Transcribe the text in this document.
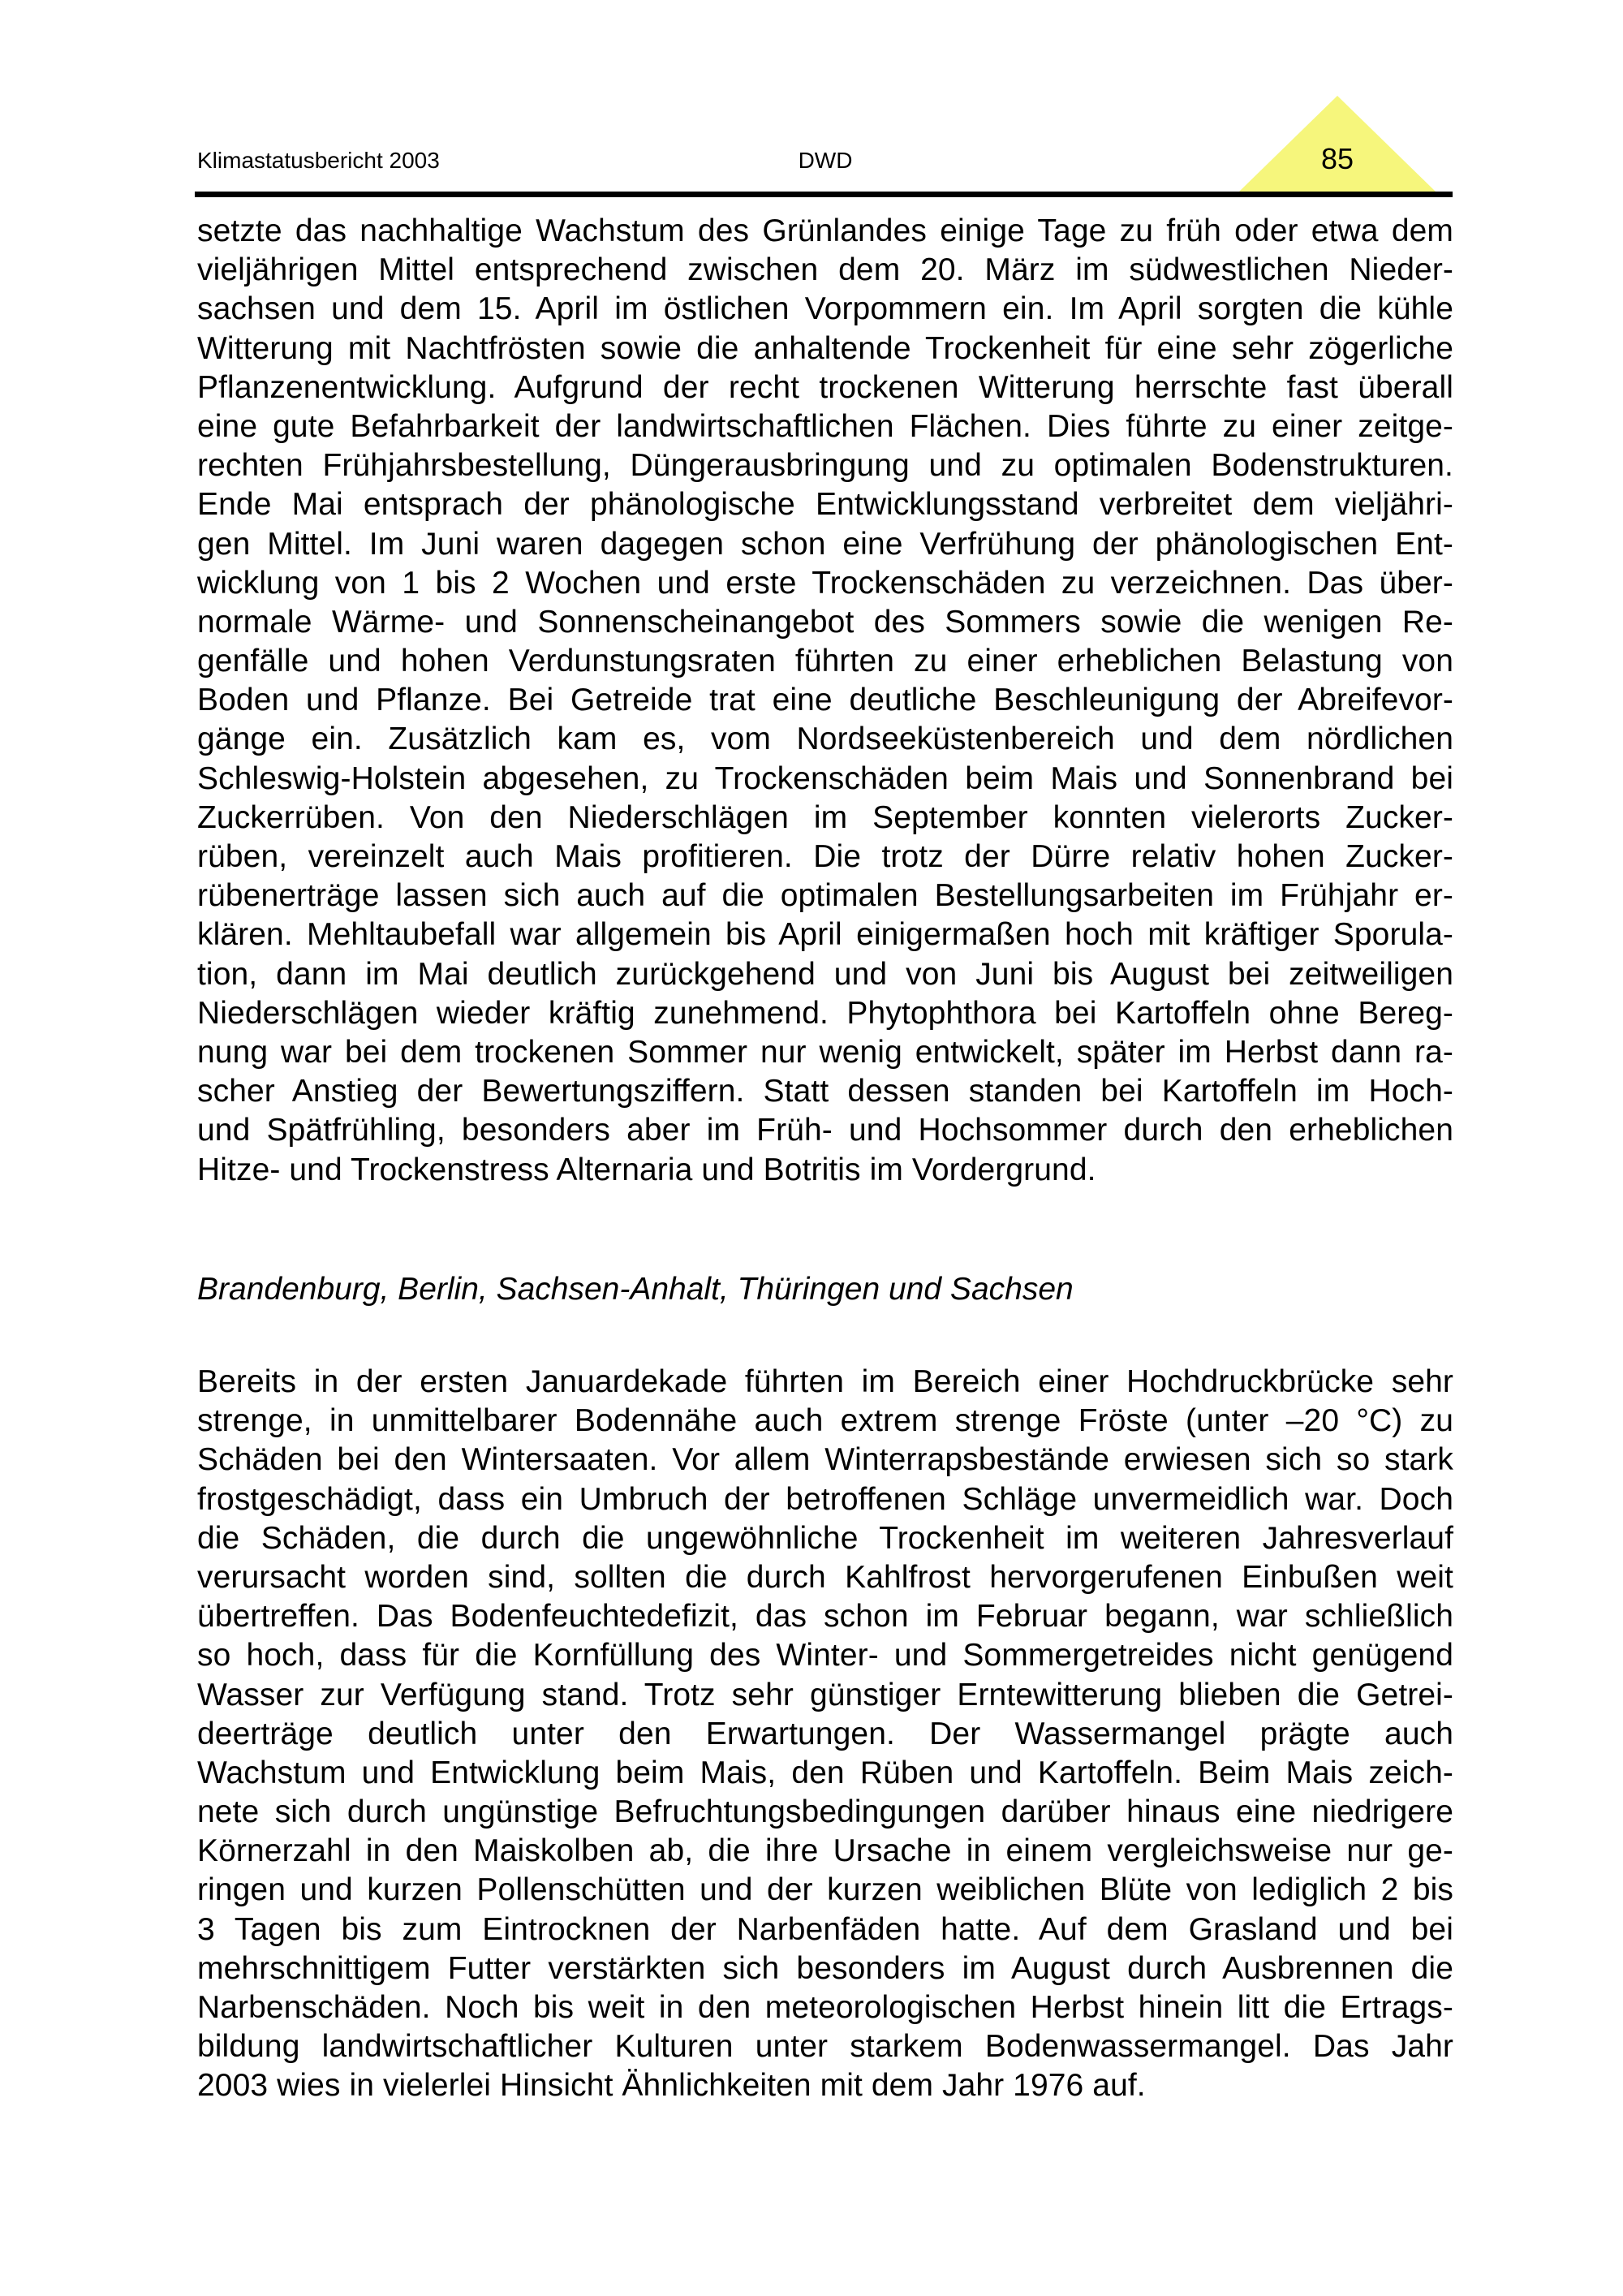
Klimastatusbericht 2003	DWD	85
setzte das nachhaltige Wachstum des Grünlandes einige Tage zu früh oder etwa dem
vieljährigen Mittel entsprechend zwischen dem 20. März im südwestlichen Nieder-
sachsen und dem 15. April im östlichen Vorpommern ein. Im April sorgten die kühle
Witterung mit Nachtfrösten sowie die anhaltende Trockenheit für eine sehr zögerliche
Pflanzenentwicklung. Aufgrund der recht trockenen Witterung herrschte fast überall
eine gute Befahrbarkeit der landwirtschaftlichen Flächen. Dies führte zu einer zeitge-
rechten Frühjahrsbestellung, Düngerausbringung und zu optimalen Bodenstrukturen.
Ende Mai entsprach der phänologische Entwicklungsstand verbreitet dem vieljähri-
gen Mittel. Im Juni waren dagegen schon eine Verfrühung der phänologischen Ent-
wicklung von 1 bis 2 Wochen und erste Trockenschäden zu verzeichnen. Das über-
normale Wärme- und Sonnenscheinangebot des Sommers sowie die wenigen Re-
genfälle und hohen Verdunstungsraten führten zu einer erheblichen Belastung von
Boden und Pflanze. Bei Getreide trat eine deutliche Beschleunigung der Abreifevor-
gänge ein. Zusätzlich kam es, vom Nordseeküstenbereich und dem nördlichen
Schleswig-Holstein abgesehen, zu Trockenschäden beim Mais und Sonnenbrand bei
Zuckerrüben. Von den Niederschlägen im September konnten vielerorts Zucker-
rüben, vereinzelt auch Mais profitieren. Die trotz der Dürre relativ hohen Zucker-
rübenerträge lassen sich auch auf die optimalen Bestellungsarbeiten im Frühjahr er-
klären. Mehltaubefall war allgemein bis April einigermaßen hoch mit kräftiger Sporula-
tion, dann im Mai deutlich zurückgehend und von Juni bis August bei zeitweiligen
Niederschlägen wieder kräftig zunehmend. Phytophthora bei Kartoffeln ohne Bereg-
nung war bei dem trockenen Sommer nur wenig entwickelt, später im Herbst dann ra-
scher Anstieg der Bewertungsziffern. Statt dessen standen bei Kartoffeln im Hoch-
und Spätfrühling, besonders aber im Früh- und Hochsommer durch den erheblichen
Hitze- und Trockenstress Alternaria und Botritis im Vordergrund.
Brandenburg, Berlin, Sachsen-Anhalt, Thüringen und Sachsen
Bereits in der ersten Januardekade führten im Bereich einer Hochdruckbrücke sehr
strenge, in unmittelbarer Bodennähe auch extrem strenge Fröste (unter –20 °C) zu
Schäden bei den Wintersaaten. Vor allem Winterrapsbestände erwiesen sich so stark
frostgeschädigt, dass ein Umbruch der betroffenen Schläge unvermeidlich war. Doch
die Schäden, die durch die ungewöhnliche Trockenheit im weiteren Jahresverlauf
verursacht worden sind, sollten die durch Kahlfrost hervorgerufenen Einbußen weit
übertreffen. Das Bodenfeuchtedefizit, das schon im Februar begann, war schließlich
so hoch, dass für die Kornfüllung des Winter- und Sommergetreides nicht genügend
Wasser zur Verfügung stand. Trotz sehr günstiger Erntewitterung blieben die Getrei-
deerträge deutlich unter den Erwartungen. Der Wassermangel prägte auch
Wachstum und Entwicklung beim Mais, den Rüben und Kartoffeln. Beim Mais zeich-
nete sich durch ungünstige Befruchtungsbedingungen darüber hinaus eine niedrigere
Körnerzahl in den Maiskolben ab, die ihre Ursache in einem vergleichsweise nur ge-
ringen und kurzen Pollenschütten und der kurzen weiblichen Blüte von lediglich 2 bis
3 Tagen bis zum Eintrocknen der Narbenfäden hatte. Auf dem Grasland und bei
mehrschnittigem Futter verstärkten sich besonders im August durch Ausbrennen die
Narbenschäden. Noch bis weit in den meteorologischen Herbst hinein litt die Ertrags-
bildung landwirtschaftlicher Kulturen unter starkem Bodenwassermangel. Das Jahr
2003 wies in vielerlei Hinsicht Ähnlichkeiten mit dem Jahr 1976 auf.
